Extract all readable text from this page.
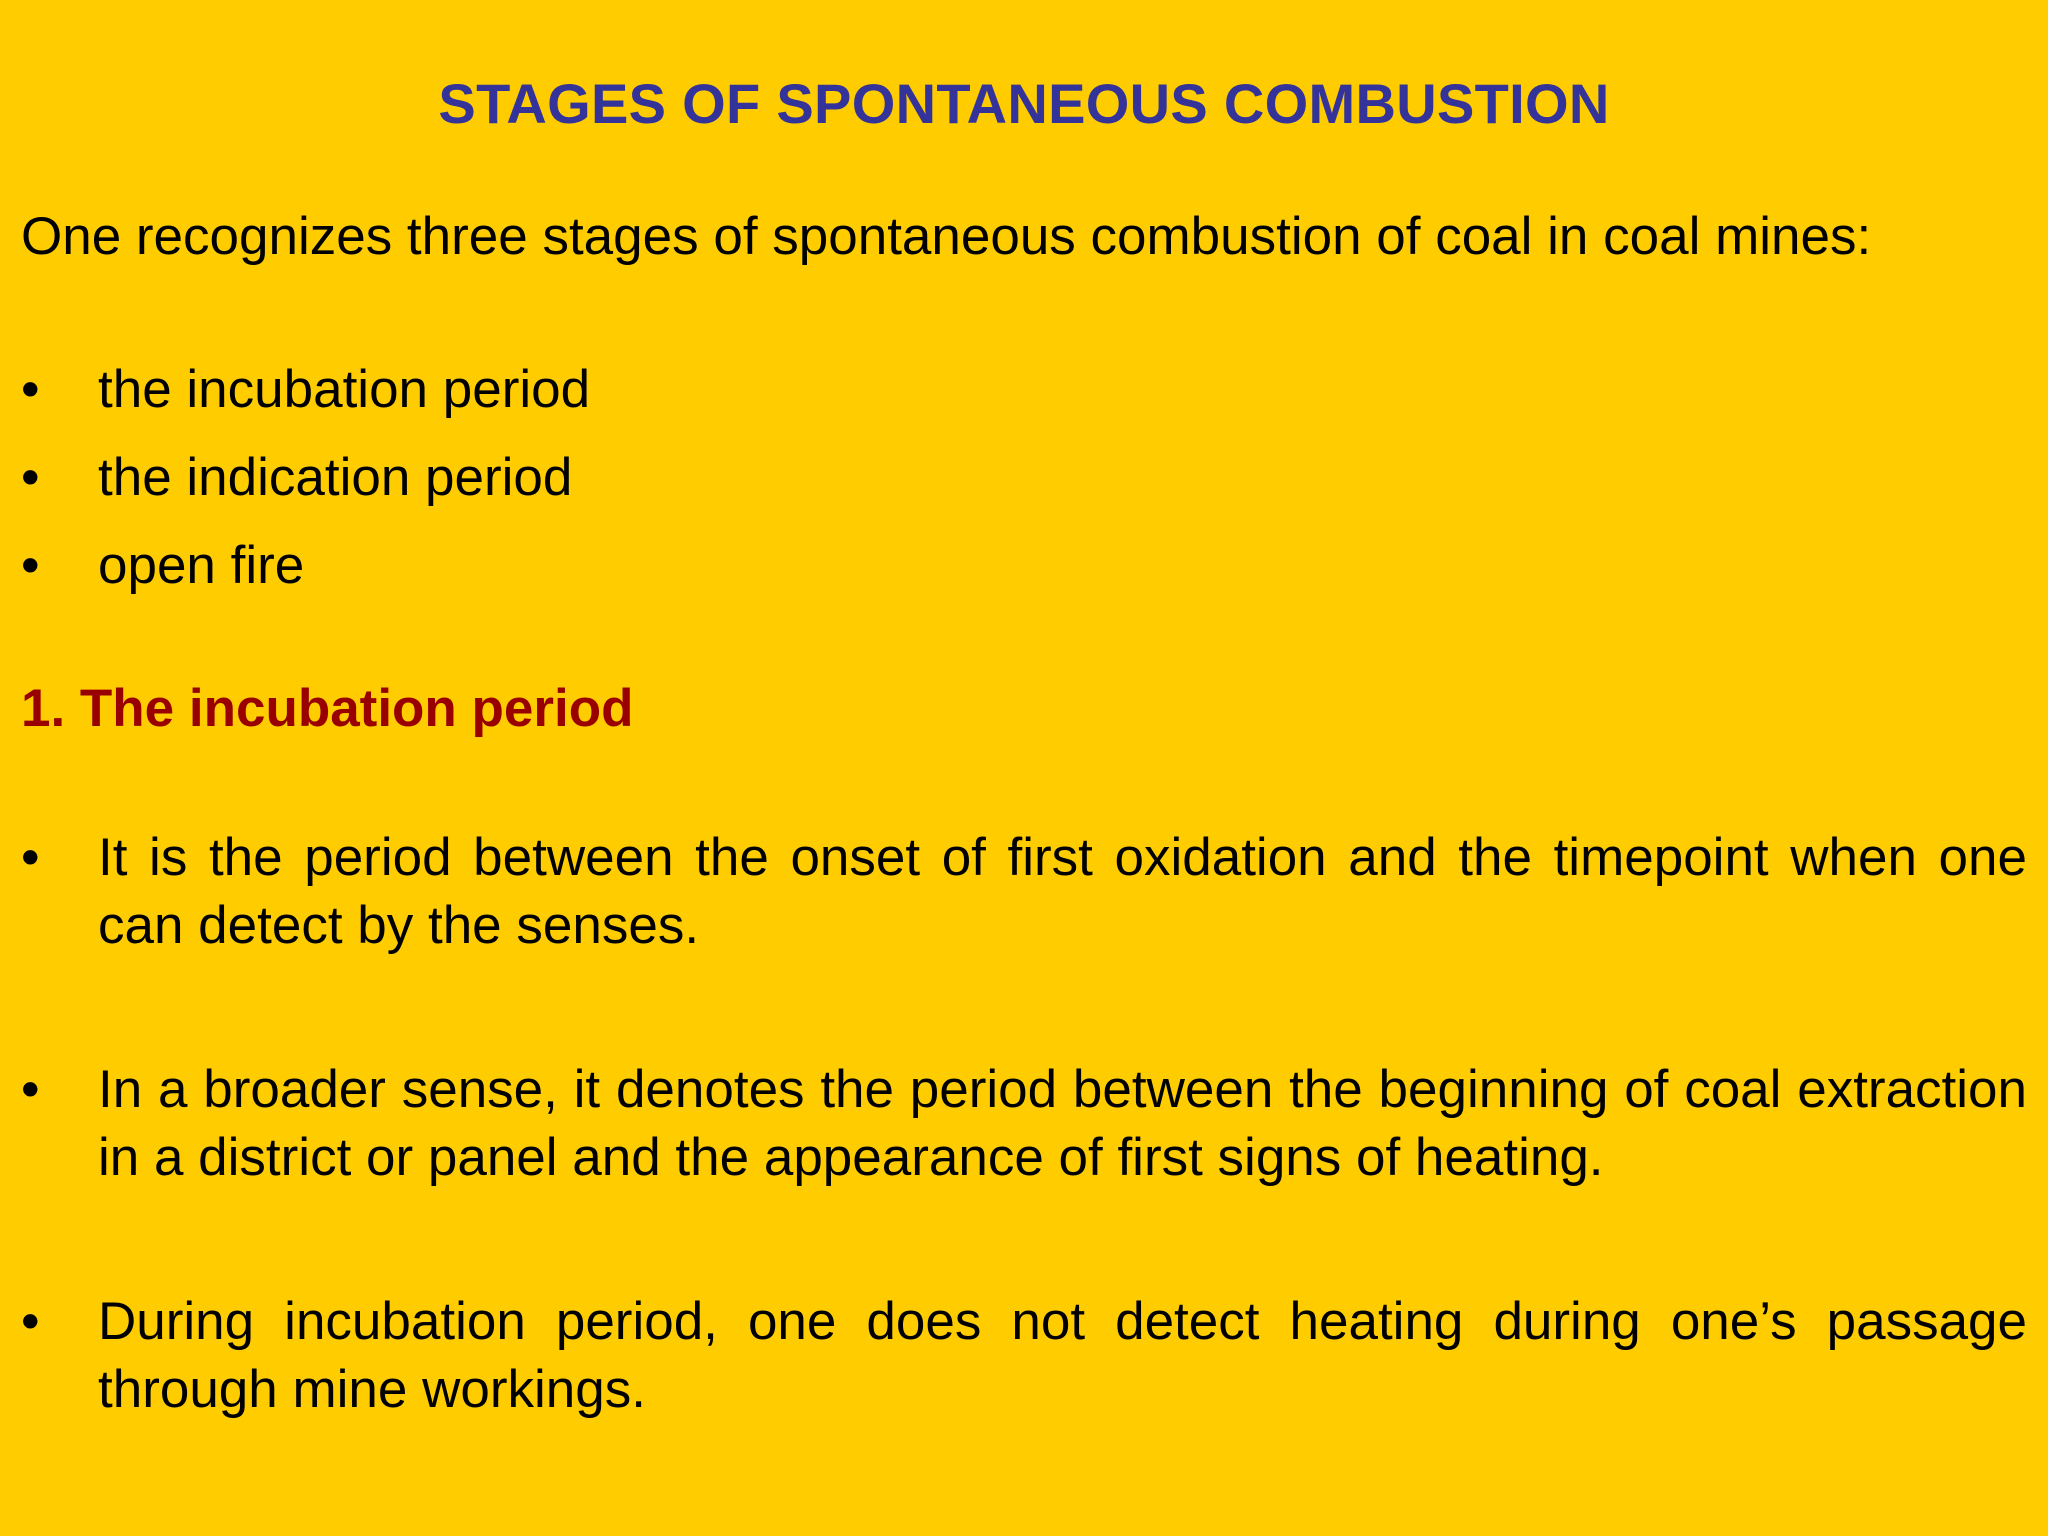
STAGES OF SPONTANEOUS COMBUSTION
One recognizes three stages of spontaneous combustion of coal in coal mines:
•	the incubation period
•	the indication period
•	open fire
1. The incubation period
• It is the period between the onset of first oxidation and the timepoint when one can detect by the senses.
• In a broader sense, it denotes the period between the beginning of coal extraction in a district or panel and the appearance of first signs of heating.
• During incubation period, one does not detect heating during one’s passage through mine workings.
